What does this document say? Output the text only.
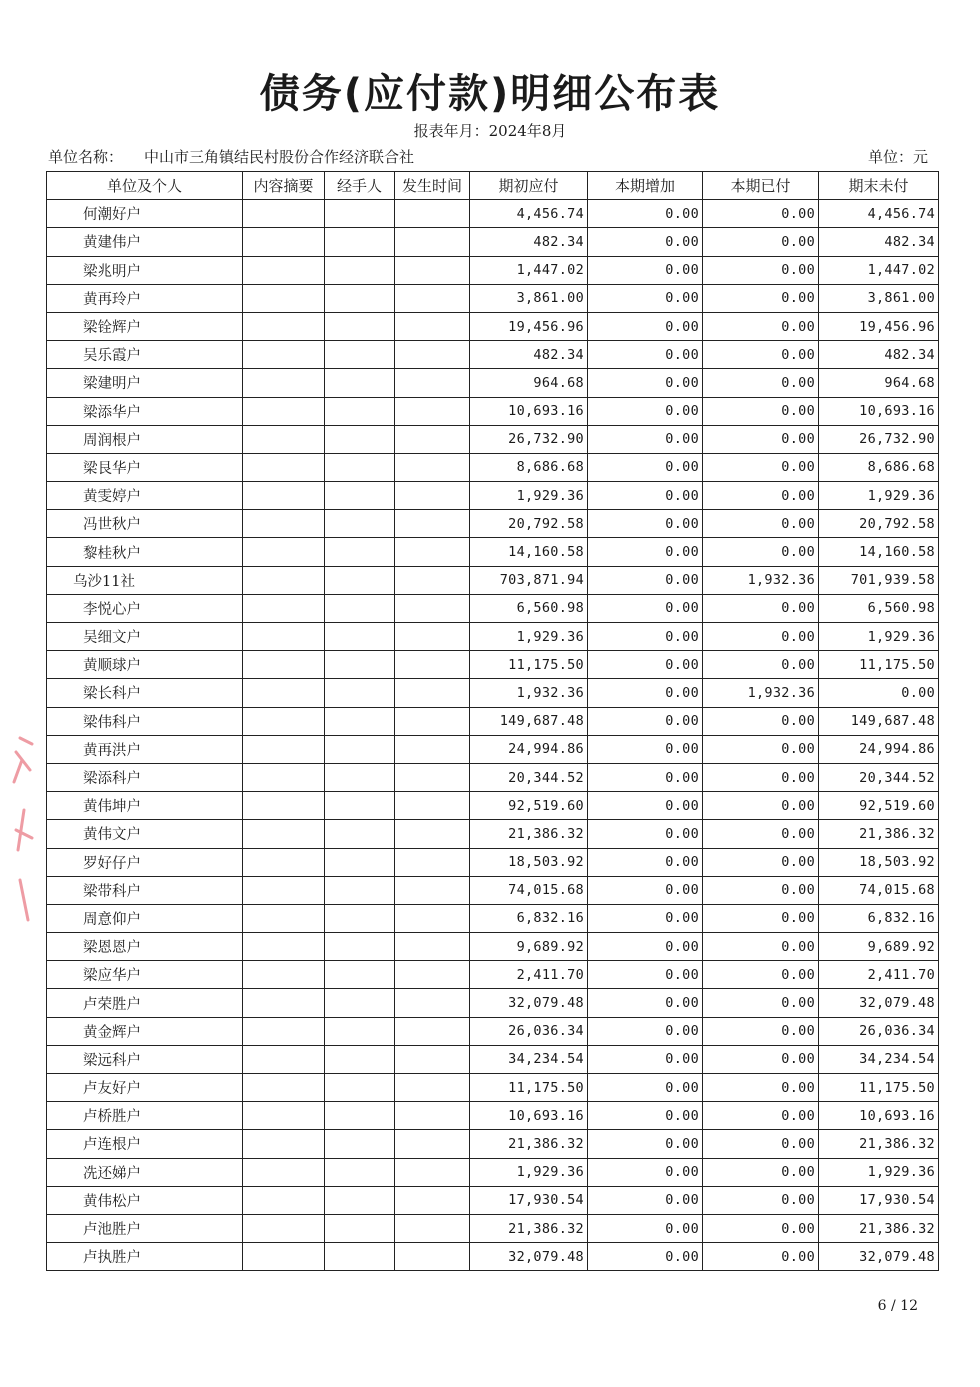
债务(应付款)明细公布表
报表年月：2024年8月
单位名称： 中山市三角镇结民村股份合作经济联合社	单位：元
单位及个人	内容摘要	经手人	发生时间	期初应付	本期增加	本期已付	期末未付
何潮好户				4,456.74	0.00	0.00	4,456.74
黄建伟户				482.34	0.00	0.00	482.34
梁兆明户				1,447.02	0.00	0.00	1,447.02
黄再玲户				3,861.00	0.00	0.00	3,861.00
梁铨辉户				19,456.96	0.00	0.00	19,456.96
吴乐霞户				482.34	0.00	0.00	482.34
梁建明户				964.68	0.00	0.00	964.68
梁添华户				10,693.16	0.00	0.00	10,693.16
周润根户				26,732.90	0.00	0.00	26,732.90
梁艮华户				8,686.68	0.00	0.00	8,686.68
黄雯婷户				1,929.36	0.00	0.00	1,929.36
冯世秋户				20,792.58	0.00	0.00	20,792.58
黎桂秋户				14,160.58	0.00	0.00	14,160.58
乌沙11社				703,871.94	0.00	1,932.36	701,939.58
李悦心户				6,560.98	0.00	0.00	6,560.98
吴细文户				1,929.36	0.00	0.00	1,929.36
黄顺球户				11,175.50	0.00	0.00	11,175.50
梁长科户				1,932.36	0.00	1,932.36	0.00
梁伟科户				149,687.48	0.00	0.00	149,687.48
黄再洪户				24,994.86	0.00	0.00	24,994.86
梁添科户				20,344.52	0.00	0.00	20,344.52
黄伟坤户				92,519.60	0.00	0.00	92,519.60
黄伟文户				21,386.32	0.00	0.00	21,386.32
罗好仔户				18,503.92	0.00	0.00	18,503.92
梁带科户				74,015.68	0.00	0.00	74,015.68
周意仰户				6,832.16	0.00	0.00	6,832.16
梁恩恩户				9,689.92	0.00	0.00	9,689.92
梁应华户				2,411.70	0.00	0.00	2,411.70
卢荣胜户				32,079.48	0.00	0.00	32,079.48
黄金辉户				26,036.34	0.00	0.00	26,036.34
梁远科户				34,234.54	0.00	0.00	34,234.54
卢友好户				11,175.50	0.00	0.00	11,175.50
卢桥胜户				10,693.16	0.00	0.00	10,693.16
卢连根户				21,386.32	0.00	0.00	21,386.32
冼还娣户				1,929.36	0.00	0.00	1,929.36
黄伟松户				17,930.54	0.00	0.00	17,930.54
卢池胜户				21,386.32	0.00	0.00	21,386.32
卢执胜户				32,079.48	0.00	0.00	32,079.48
6 / 12
